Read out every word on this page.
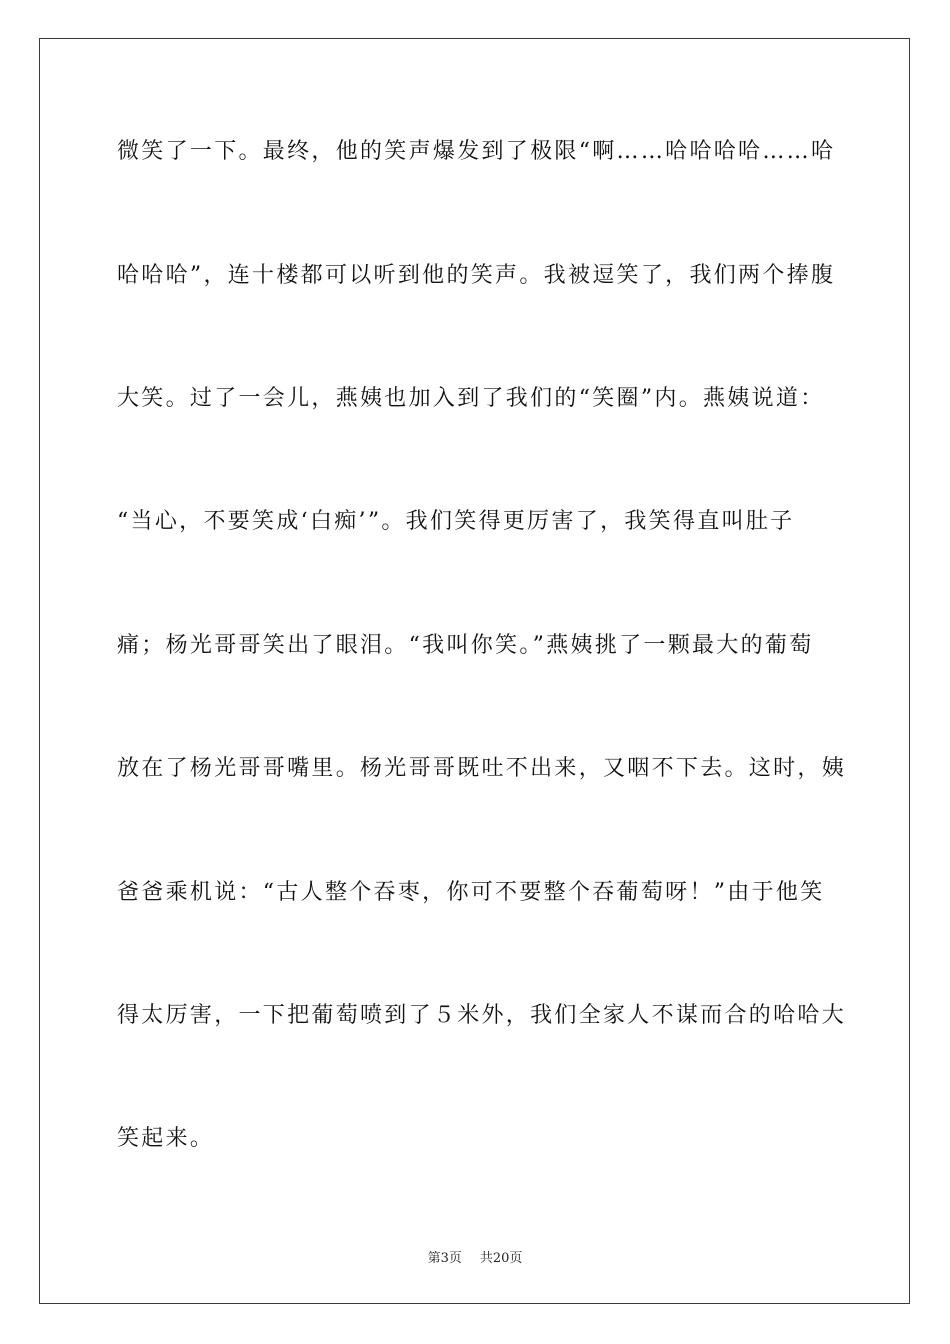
微笑了一下。最终，他的笑声爆发到了极限“啊……哈哈哈哈……哈
哈哈哈”，连十楼都可以听到他的笑声。我被逗笑了，我们两个捧腹
大笑。过了一会儿，燕姨也加入到了我们的“笑圈”内。燕姨说道：
“当心，不要笑成‘白痴’”。我们笑得更厉害了，我笑得直叫肚子
痛；杨光哥哥笑出了眼泪。“我叫你笑。”燕姨挑了一颗最大的葡萄
放在了杨光哥哥嘴里。杨光哥哥既吐不出来，又咽不下去。这时，姨
爸爸乘机说：“古人整个吞枣，你可不要整个吞葡萄呀！”由于他笑
得太厉害，一下把葡萄喷到了５米外，我们全家人不谋而合的哈哈大
笑起来。
第3页 共20页
